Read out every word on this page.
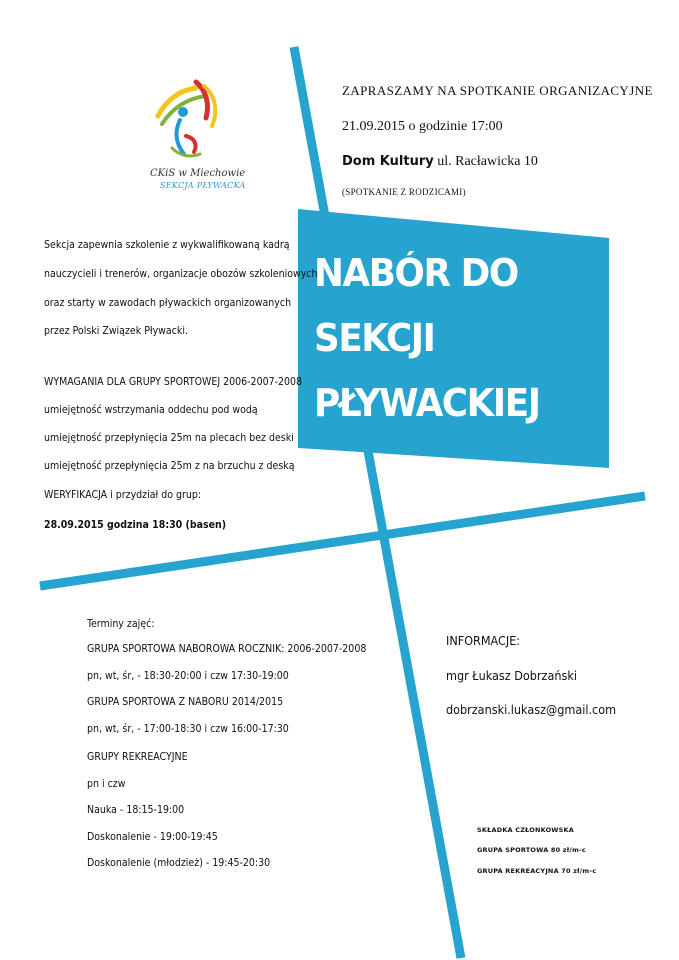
CKiS w Miechowie

SEKCJA PŁYWACKA

ZAPRASZAMY NA SPOTKANIE ORGANIZACYJNE

21.09.2015 o godzinie 17:00

Dom Kultury ul. Racławicka 10

(SPOTKANIE Z RODZICAMI)

NABÓR DO

SEKCJI

PŁYWACKIEJ

Sekcja zapewnia szkolenie z wykwalifikowaną kadrą

nauczycieli i trenerów, organizacje obozów szkoleniowych

oraz starty w zawodach pływackich organizowanych

przez Polski Związek Pływacki.

WYMAGANIA DLA GRUPY SPORTOWEJ 2006-2007-2008

umiejętność wstrzymania oddechu pod wodą

umiejętność przepłynięcia 25m na plecach bez deski

umiejętność przepłynięcia 25m z na brzuchu z deską

WERYFIKACJA i przydział do grup:

28.09.2015 godzina 18:30 (basen)

Terminy zajęć:

GRUPA SPORTOWA NABOROWA ROCZNIK: 2006-2007-2008

pn, wt, śr, - 18:30-20:00 i czw 17:30-19:00

GRUPA SPORTOWA Z NABORU 2014/2015

pn, wt, śr, - 17:00-18:30 i czw 16:00-17:30

GRUPY REKREACYJNE

pn i czw

Nauka - 18:15-19:00

Doskonalenie - 19:00-19:45

Doskonalenie (młodzież) - 19:45-20:30

INFORMACJE:

mgr Łukasz Dobrzański

dobrzanski.lukasz@gmail.com

SKŁADKA CZŁONKOWSKA

GRUPA SPORTOWA 80 zł/m-c

GRUPA REKREACYJNA 70 zł/m-c
